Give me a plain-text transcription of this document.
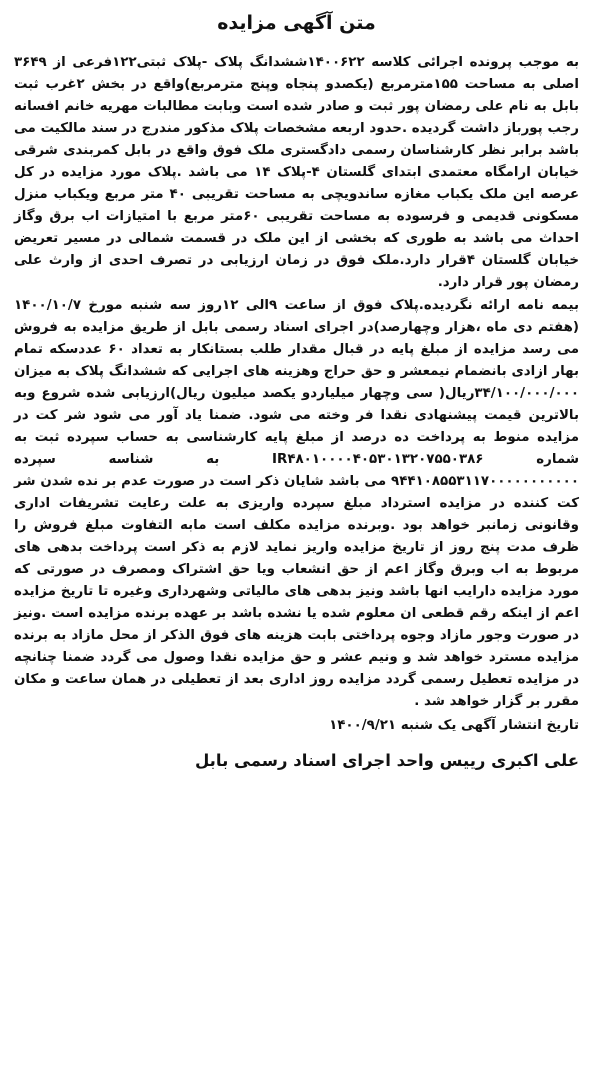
متن آگهی مزایده

به موجب پرونده اجرائی کلاسه ۱۴۰۰۶۲۲ششدانگ پلاک -پلاک ثبتی۱۲۲فرعی از ۳۶۴۹ اصلی به مساحت ۱۵۵مترمربع (یکصدو پنجاه وپنج مترمربع)واقع در بخش ۲غرب ثبت بابل به نام علی رمضان پور ثبت و صادر شده است وبابت مطالبات مهریه خانم افسانه رجب پورباز داشت گردیده .حدود اربعه مشخصات پلاک مذکور مندرج در سند مالکیت می باشد برابر نظر کارشناسان رسمی دادگستری ملک فوق واقع در بابل کمربندی شرقی خیابان ارامگاه معتمدی ابتدای گلستان ۴-پلاک ۱۴ می باشد .پلاک مورد مزایده در کل عرصه این ملک یکباب مغازه ساندویچی به مساحت تقریبی ۴۰ متر مربع ویکباب منزل مسکونی قدیمی و فرسوده به مساحت تقریبی ۶۰متر مربع با امتیازات اب برق وگاز احداث می باشد به طوری که بخشی از این ملک در قسمت شمالی در مسیر تعریض خیابان گلستان ۴قرار دارد.ملک فوق در زمان ارزیابی در تصرف احدی از وارث علی رمضان پور قرار دارد.

بیمه نامه ارائه نگردیده.پلاک فوق از ساعت ۹الی ۱۲روز سه شنبه مورخ ۱۴۰۰/۱۰/۷ (هفتم دی ماه ،هزار وچهارصد)در اجرای اسناد رسمی بابل از طریق مزایده به فروش می رسد مزایده از مبلغ پایه در قبال مقدار طلب بستانکار به تعداد ۶۰ عددسکه تمام بهار ازادی بانضمام نیمعشر و حق حراج وهزینه های اجرایی که ششدانگ پلاک به میزان ۳۴/۱۰۰/۰۰۰/۰۰۰ریال( سی وچهار میلیاردو یکصد میلیون ریال)ارزیابی شده شروع وبه بالاترین قیمت پیشنهادی نقدا فر وخته می شود. ضمنا یاد آور می شود شر کت در مزایده منوط به پرداخت ده درصد از مبلغ پایه کارشناسی به حساب سپرده ثبت به شماره IR۴۸۰۱۰۰۰۰۴۰۵۳۰۱۳۲۰۷۵۵۰۳۸۶ به شناسه سپرده ۹۴۴۱۰۸۵۵۳۱۱۷۰۰۰۰۰۰۰۰۰۰۰ می باشد شایان ذکر است در صورت عدم بر نده شدن شر کت کننده در مزایده استرداد مبلغ سپرده واریزی به علت رعایت تشریفات اداری وقانونی زمانبر خواهد بود .وبرنده مزایده مکلف است مابه التفاوت مبلغ فروش را ظرف مدت پنج روز از تاریخ مزایده واریز نماید لازم به ذکر است پرداخت بدهی های مربوط به اب وبرق وگاز اعم از حق انشعاب ویا حق اشتراک ومصرف در صورتی که مورد مزایده دارایب انها باشد ونیز بدهی های مالیاتی وشهرداری وغیره تا تاریخ مزایده اعم از اینکه رقم قطعی ان معلوم شده یا نشده باشد بر عهده برنده مزایده است .ونیز در صورت وجور مازاد وجوه پرداختی بابت هزینه های فوق الذکر از محل مازاد به برنده مزایده مسترد خواهد شد و ونیم عشر و حق مزایده نقدا وصول می گردد ضمنا چنانچه در مزایده تعطیل رسمی گردد مزایده روز اداری بعد از تعطیلی در همان ساعت و مکان مقرر بر گزار خواهد شد .

تاریخ انتشار آگهی یک شنبه ۱۴۰۰/۹/۲۱
علی اکبری رییس واحد اجرای اسناد رسمی بابل
